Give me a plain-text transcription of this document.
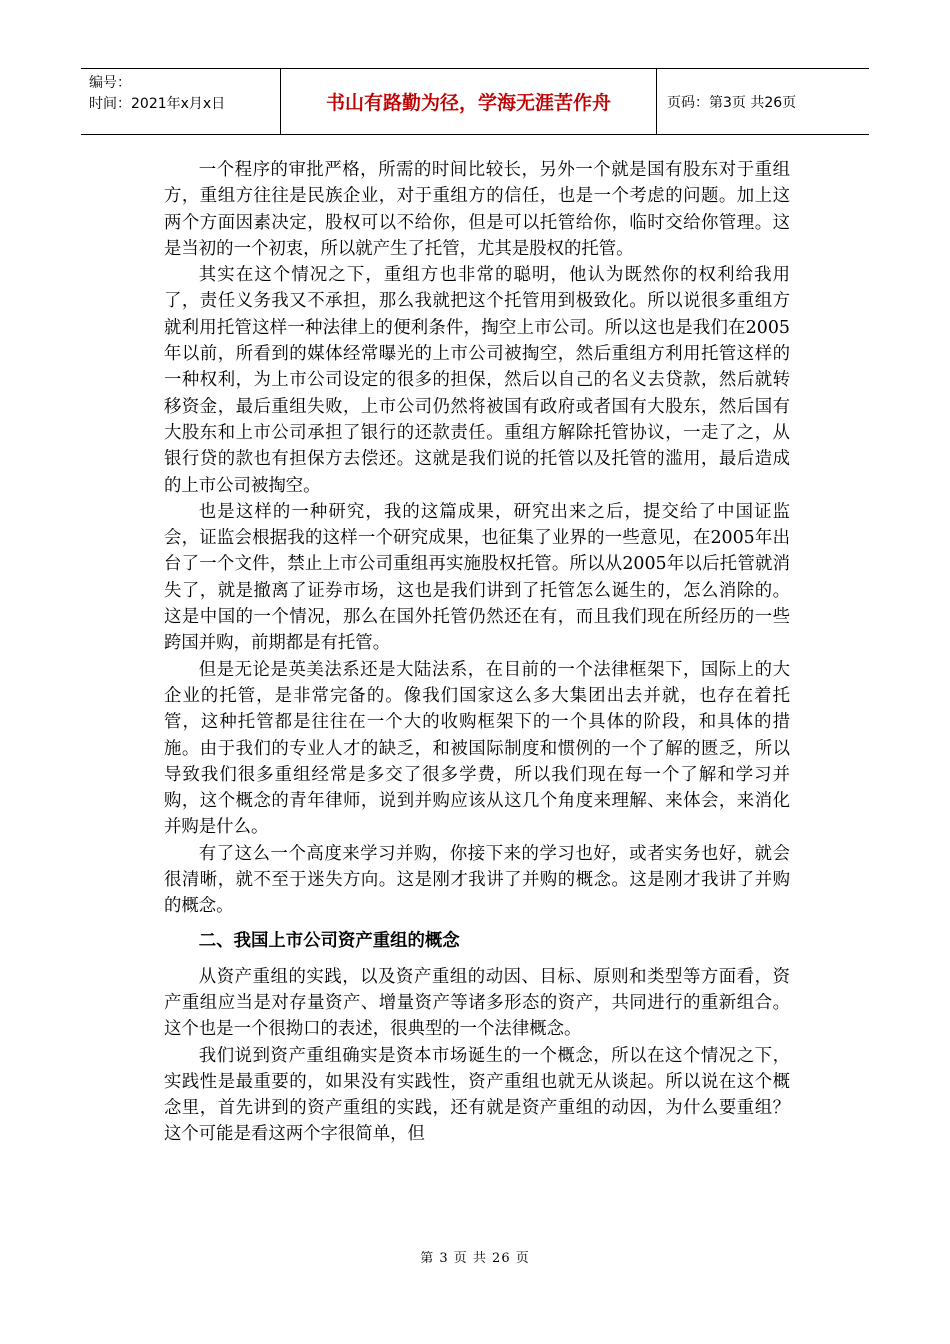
编号：
时间：2021年x月x日	书山有路勤为径，学海无涯苦作舟	页码：第3页 共26页

一个程序的审批严格，所需的时间比较长，另外一个就是国有股东对于重组方，重组方往往是民族企业，对于重组方的信任，也是一个考虑的问题。加上这两个方面因素决定，股权可以不给你，但是可以托管给你，临时交给你管理。这是当初的一个初衷，所以就产生了托管，尤其是股权的托管。

其实在这个情况之下，重组方也非常的聪明，他认为既然你的权利给我用了，责任义务我又不承担，那么我就把这个托管用到极致化。所以说很多重组方就利用托管这样一种法律上的便利条件，掏空上市公司。所以这也是我们在2005年以前，所看到的媒体经常曝光的上市公司被掏空，然后重组方利用托管这样的一种权利，为上市公司设定的很多的担保，然后以自己的名义去贷款，然后就转移资金，最后重组失败，上市公司仍然将被国有政府或者国有大股东，然后国有大股东和上市公司承担了银行的还款责任。重组方解除托管协议，一走了之，从银行贷的款也有担保方去偿还。这就是我们说的托管以及托管的滥用，最后造成的上市公司被掏空。

也是这样的一种研究，我的这篇成果，研究出来之后，提交给了中国证监会，证监会根据我的这样一个研究成果，也征集了业界的一些意见，在2005年出台了一个文件，禁止上市公司重组再实施股权托管。所以从2005年以后托管就消失了，就是撤离了证券市场，这也是我们讲到了托管怎么诞生的，怎么消除的。这是中国的一个情况，那么在国外托管仍然还在有，而且我们现在所经历的一些跨国并购，前期都是有托管。

但是无论是英美法系还是大陆法系，在目前的一个法律框架下，国际上的大企业的托管，是非常完备的。像我们国家这么多大集团出去并就，也存在着托管，这种托管都是往往在一个大的收购框架下的一个具体的阶段，和具体的措施。由于我们的专业人才的缺乏，和被国际制度和惯例的一个了解的匮乏，所以导致我们很多重组经常是多交了很多学费，所以我们现在每一个了解和学习并购，这个概念的青年律师，说到并购应该从这几个角度来理解、来体会，来消化并购是什么。

有了这么一个高度来学习并购，你接下来的学习也好，或者实务也好，就会很清晰，就不至于迷失方向。这是刚才我讲了并购的概念。这是刚才我讲了并购的概念。

二、我国上市公司资产重组的概念

从资产重组的实践，以及资产重组的动因、目标、原则和类型等方面看，资产重组应当是对存量资产、增量资产等诸多形态的资产，共同进行的重新组合。这个也是一个很拗口的表述，很典型的一个法律概念。

我们说到资产重组确实是资本市场诞生的一个概念，所以在这个情况之下，实践性是最重要的，如果没有实践性，资产重组也就无从谈起。所以说在这个概念里，首先讲到的资产重组的实践，还有就是资产重组的动因，为什么要重组？这个可能是看这两个字很简单，但

第 3 页 共 26 页
